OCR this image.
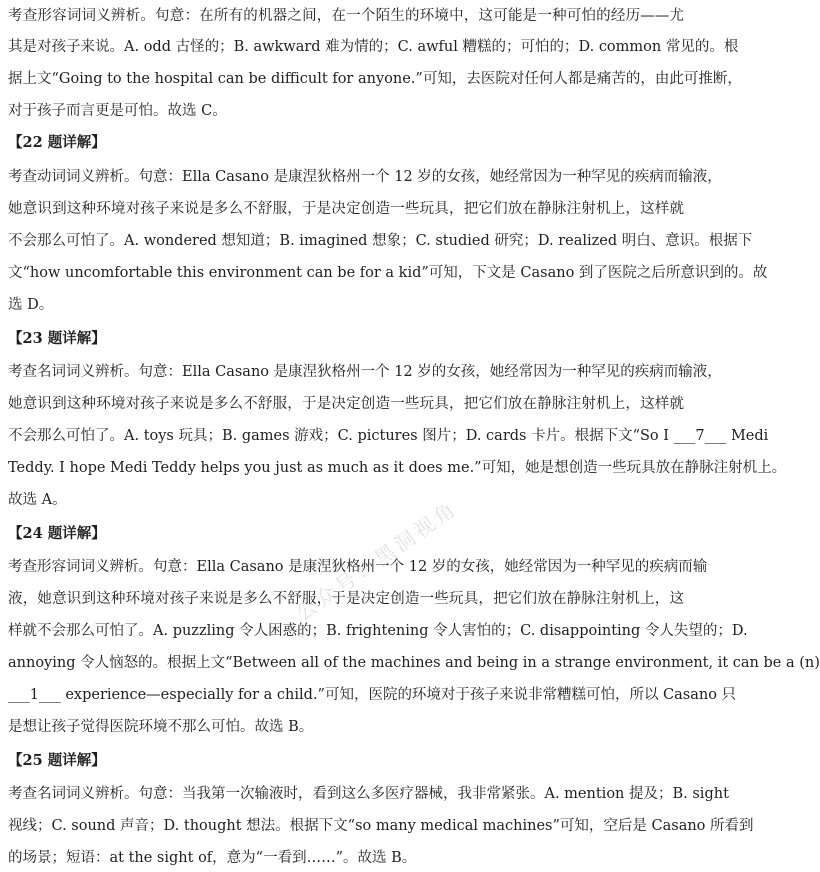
考查形容词词义辨析。句意：在所有的机器之间，在一个陌生的环境中，这可能是一种可怕的经历——尤
其是对孩子来说。A. odd 古怪的；B. awkward 难为情的；C. awful 糟糕的；可怕的；D. common 常见的。根
据上文“Going to the hospital can be difficult for anyone.”可知，去医院对任何人都是痛苦的，由此可推断，
对于孩子而言更是可怕。故选 C。
【22 题详解】
考查动词词义辨析。句意：Ella Casano 是康涅狄格州一个 12 岁的女孩，她经常因为一种罕见的疾病而输液，
她意识到这种环境对孩子来说是多么不舒服，于是决定创造一些玩具，把它们放在静脉注射机上，这样就
不会那么可怕了。A. wondered 想知道；B. imagined 想象；C. studied 研究；D. realized 明白、意识。根据下
文“how uncomfortable this environment can be for a kid”可知，下文是 Casano 到了医院之后所意识到的。故
选 D。
【23 题详解】
考查名词词义辨析。句意：Ella Casano 是康涅狄格州一个 12 岁的女孩，她经常因为一种罕见的疾病而输液，
她意识到这种环境对孩子来说是多么不舒服，于是决定创造一些玩具，把它们放在静脉注射机上，这样就
不会那么可怕了。A. toys 玩具；B. games 游戏；C. pictures 图片；D. cards 卡片。根据下文“So I ___7___ Medi
Teddy. I hope Medi Teddy helps you just as much as it does me.”可知，她是想创造一些玩具放在静脉注射机上。
故选 A。
【24 题详解】
考查形容词词义辨析。句意：Ella Casano 是康涅狄格州一个 12 岁的女孩，她经常因为一种罕见的疾病而输
液，她意识到这种环境对孩子来说是多么不舒服，于是决定创造一些玩具，把它们放在静脉注射机上，这
样就不会那么可怕了。A. puzzling 令人困惑的；B. frightening 令人害怕的；C. disappointing 令人失望的；D.
annoying 令人恼怒的。根据上文“Between all of the machines and being in a strange environment, it can be a (n)
___1___ experience—especially for a child.”可知，医院的环境对于孩子来说非常糟糕可怕，所以 Casano 只
是想让孩子觉得医院环境不那么可怕。故选 B。
【25 题详解】
考查名词词义辨析。句意：当我第一次输液时，看到这么多医疗器械，我非常紧张。A. mention 提及；B. sight
视线；C. sound 声音；D. thought 想法。根据下文“so many medical machines”可知，空后是 Casano 所看到
的场景；短语：at the sight of，意为“一看到……”。故选 B。
公众号：黑洞视角
